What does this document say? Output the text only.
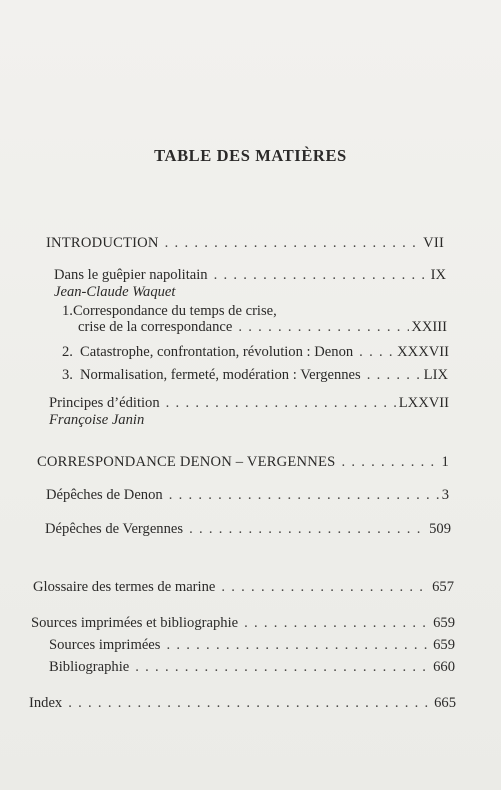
TABLE DES MATIÈRES
INTRODUCTION . . .	VII
Dans le guêpier napolitain . . .	IX
Jean-Claude Waquet
1.Correspondance du temps de crise,
crise de la correspondance . . .	XXIII
2. Catastrophe, confrontation, révolution : Denon . . .	XXXVII
3. Normalisation, fermeté, modération : Vergennes . . .	LIX
Principes d’édition . . .	LXXVII
Françoise Janin
CORRESPONDANCE DENON – VERGENNES . . .	1
Dépêches de Denon . . .	3
Dépêches de Vergennes . . .	509
Glossaire des termes de marine . . .	657
Sources imprimées et bibliographie . . .	659
Sources imprimées . . .	659
Bibliographie . . .	660
Index . . .	665
